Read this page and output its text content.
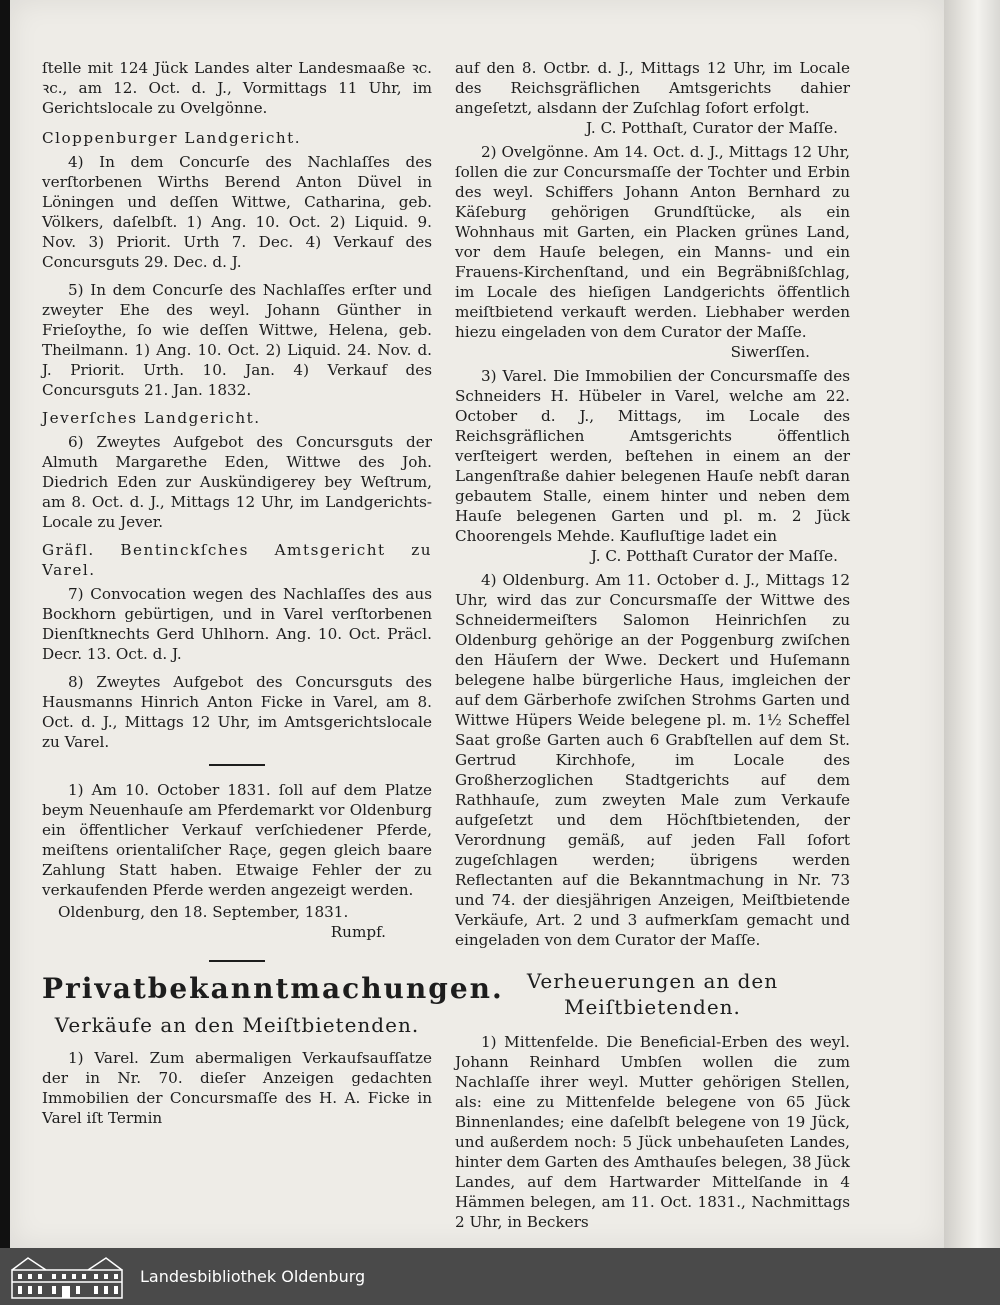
ſtelle mit 124 Jück Landes alter Landesmaaße ꝛc. ꝛc., am 12. Oct. d. J., Vormittags 11 Uhr, im Gerichtslocale zu Ovelgönne.

Cloppenburger Landgericht.

4) In dem Concurſe des Nachlaſſes des verſtorbenen Wirths Berend Anton Düvel in Löningen und deſſen Wittwe, Catharina, geb. Völkers, daſelbſt. 1) Ang. 10. Oct. 2) Liquid. 9. Nov. 3) Priorit. Urth 7. Dec. 4) Verkauf des Concursguts 29. Dec. d. J.

5) In dem Concurſe des Nachlaſſes erſter und zweyter Ehe des weyl. Johann Günther in Frieſoythe, ſo wie deſſen Wittwe, Helena, geb. Theilmann. 1) Ang. 10. Oct. 2) Liquid. 24. Nov. d. J. Priorit. Urth. 10. Jan. 4) Verkauf des Concursguts 21. Jan. 1832.

Jeverſches Landgericht.

6) Zweytes Aufgebot des Concursguts der Almuth Margarethe Eden, Wittwe des Joh. Diedrich Eden zur Auskündigerey bey Weſtrum, am 8. Oct. d. J., Mittags 12 Uhr, im Landgerichts-Locale zu Jever.

Gräfl. Bentinckſches Amtsgericht zu Varel.

7) Convocation wegen des Nachlaſſes des aus Bockhorn gebürtigen, und in Varel verſtorbenen Dienſtknechts Gerd Uhlhorn. Ang. 10. Oct. Präcl. Decr. 13. Oct. d. J.

8) Zweytes Aufgebot des Concursguts des Hausmanns Hinrich Anton Ficke in Varel, am 8. Oct. d. J., Mittags 12 Uhr, im Amtsgerichtslocale zu Varel.

1) Am 10. October 1831. ſoll auf dem Platze beym Neuenhauſe am Pferdemarkt vor Oldenburg ein öffentlicher Verkauf verſchiedener Pferde, meiſtens orientaliſcher Raçe, gegen gleich baare Zahlung Statt haben. Etwaige Fehler der zu verkaufenden Pferde werden angezeigt werden.

Oldenburg, den 18. September, 1831.

Rumpf.
Privatbekanntmachungen.
Verkäufe an den Meiſtbietenden.

1) Varel. Zum abermaligen Verkaufsaufſatze der in Nr. 70. dieſer Anzeigen gedachten Immobilien der Concursmaſſe des H. A. Ficke in Varel iſt Termin

auf den 8. Octbr. d. J., Mittags 12 Uhr, im Locale des Reichsgräflichen Amtsgerichts dahier angeſetzt, alsdann der Zuſchlag ſofort erfolgt.

J. C. Potthaſt, Curator der Maſſe.

2) Ovelgönne. Am 14. Oct. d. J., Mittags 12 Uhr, ſollen die zur Concursmaſſe der Tochter und Erbin des weyl. Schiffers Johann Anton Bernhard zu Käſeburg gehörigen Grundſtücke, als ein Wohnhaus mit Garten, ein Placken grünes Land, vor dem Hauſe belegen, ein Manns- und ein Frauens-Kirchenſtand, und ein Begräbnißſchlag, im Locale des hieſigen Landgerichts öffentlich meiſtbietend verkauft werden. Liebhaber werden hiezu eingeladen von dem Curator der Maſſe.

Siwerſſen.

3) Varel. Die Immobilien der Concursmaſſe des Schneiders H. Hübeler in Varel, welche am 22. October d. J., Mittags, im Locale des Reichsgräflichen Amtsgerichts öffentlich verſteigert werden, beſtehen in einem an der Langenſtraße dahier belegenen Hauſe nebſt daran gebautem Stalle, einem hinter und neben dem Hauſe belegenen Garten und pl. m. 2 Jück Choorengels Mehde. Kaufluſtige ladet ein

J. C. Potthaſt Curator der Maſſe.

4) Oldenburg. Am 11. October d. J., Mittags 12 Uhr, wird das zur Concursmaſſe der Wittwe des Schneidermeiſters Salomon Heinrichſen zu Oldenburg gehörige an der Poggenburg zwiſchen den Häuſern der Wwe. Deckert und Huſemann belegene halbe bürgerliche Haus, imgleichen der auf dem Gärberhofe zwiſchen Strohms Garten und Wittwe Hüpers Weide belegene pl. m. 1½ Scheffel Saat große Garten auch 6 Grabſtellen auf dem St. Gertrud Kirchhofe, im Locale des Großherzoglichen Stadtgerichts auf dem Rathhauſe, zum zweyten Male zum Verkaufe aufgeſetzt und dem Höchſtbietenden, der Verordnung gemäß, auf jeden Fall ſofort zugeſchlagen werden; übrigens werden Reflectanten auf die Bekanntmachung in Nr. 73 und 74. der diesjährigen Anzeigen, Meiſtbietende Verkäufe, Art. 2 und 3 aufmerkſam gemacht und eingeladen von dem Curator der Maſſe.

Verheuerungen an den Meiſtbietenden.

1) Mittenfelde. Die Beneficial-Erben des weyl. Johann Reinhard Umbſen wollen die zum Nachlaſſe ihrer weyl. Mutter gehörigen Stellen, als: eine zu Mittenfelde belegene von 65 Jück Binnenlandes; eine daſelbſt belegene von 19 Jück, und außerdem noch: 5 Jück unbehauſeten Landes, hinter dem Garten des Amthauſes belegen, 38 Jück Landes, auf dem Hartwarder Mittelſande in 4 Hämmen belegen, am 11. Oct. 1831., Nachmittags 2 Uhr, in Beckers

Landesbibliothek Oldenburg
